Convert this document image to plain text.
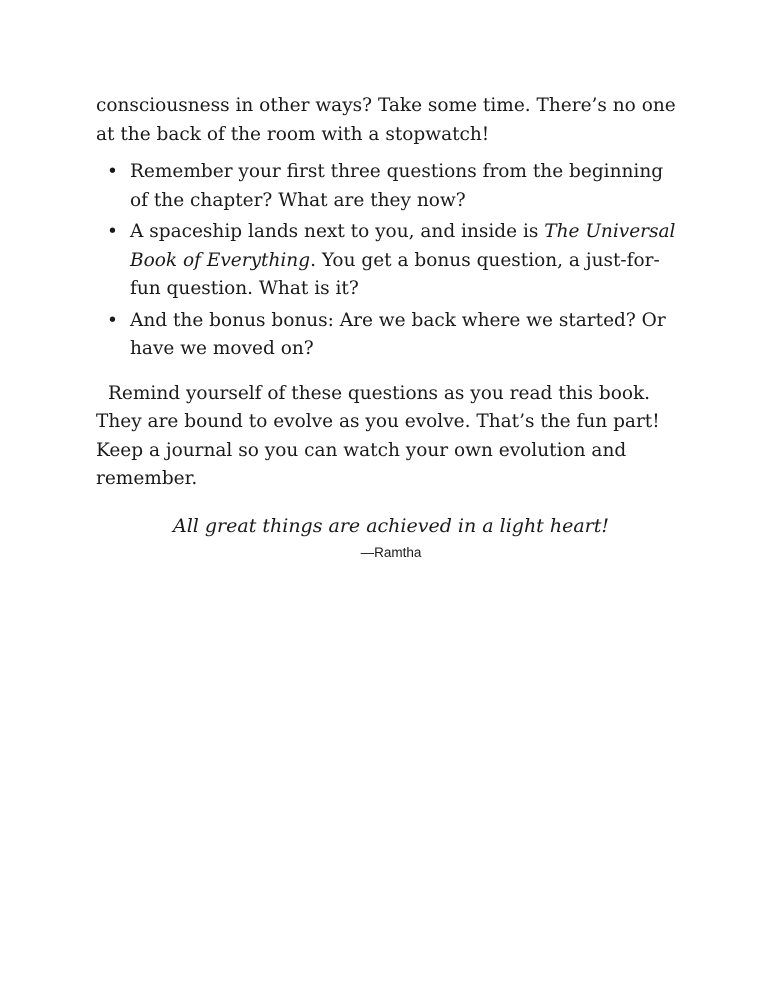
consciousness in other ways? Take some time. There’s no one at the back of the room with a stopwatch!

• Remember your first three questions from the beginning of the chapter? What are they now?
• A spaceship lands next to you, and inside is The Universal Book of Everything. You get a bonus question, a just-for-fun question. What is it?
• And the bonus bonus: Are we back where we started? Or have we moved on?

Remind yourself of these questions as you read this book. They are bound to evolve as you evolve. That’s the fun part! Keep a journal so you can watch your own evolution and remember.

All great things are achieved in a light heart!

—Ramtha
